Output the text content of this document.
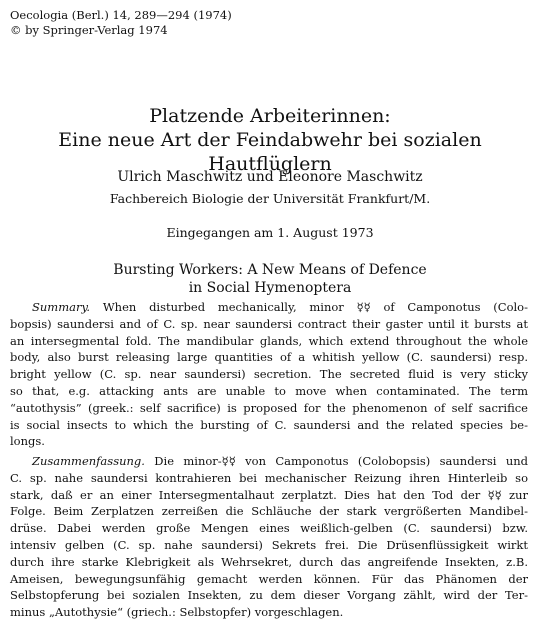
Oecologia (Berl.) 14, 289—294 (1974)
© by Springer-Verlag 1974
Platzende Arbeiterinnen:
Eine neue Art der Feindabwehr bei sozialen Hautflüglern
Ulrich Maschwitz und Eleonore Maschwitz
Fachbereich Biologie der Universität Frankfurt/M.
Eingegangen am 1. August 1973
Bursting Workers: A New Means of Defence
in Social Hymenoptera
Summary. When disturbed mechanically, minor ☿☿ of Camponotus (Colo-
bopsis) saundersi and of C. sp. near saundersi contract their gaster until it bursts at
an intersegmental fold. The mandibular glands, which extend throughout the whole
body, also burst releasing large quantities of a whitish yellow (C. saundersi) resp.
bright yellow (C. sp. near saundersi) secretion. The secreted fluid is very sticky
so that, e.g. attacking ants are unable to move when contaminated. The term
“autothysis” (greek.: self sacrifice) is proposed for the phenomenon of self sacrifice
is social insects to which the bursting of C. saundersi and the related species be-
longs.
Zusammenfassung. Die minor-☿☿ von Camponotus (Colobopsis) saundersi und
C. sp. nahe saundersi kontrahieren bei mechanischer Reizung ihren Hinterleib so
stark, daß er an einer Intersegmentalhaut zerplatzt. Dies hat den Tod der ☿☿ zur
Folge. Beim Zerplatzen zerreißen die Schläuche der stark vergrößerten Mandibel-
drüse. Dabei werden große Mengen eines weißlich-gelben (C. saundersi) bzw.
intensiv gelben (C. sp. nahe saundersi) Sekrets frei. Die Drüsenflüssigkeit wirkt
durch ihre starke Klebrigkeit als Wehrsekret, durch das angreifende Insekten, z.B.
Ameisen, bewegungsunfähig gemacht werden können. Für das Phänomen der
Selbstopferung bei sozialen Insekten, zu dem dieser Vorgang zählt, wird der Ter-
minus „Autothysie“ (griech.: Selbstopfer) vorgeschlagen.
